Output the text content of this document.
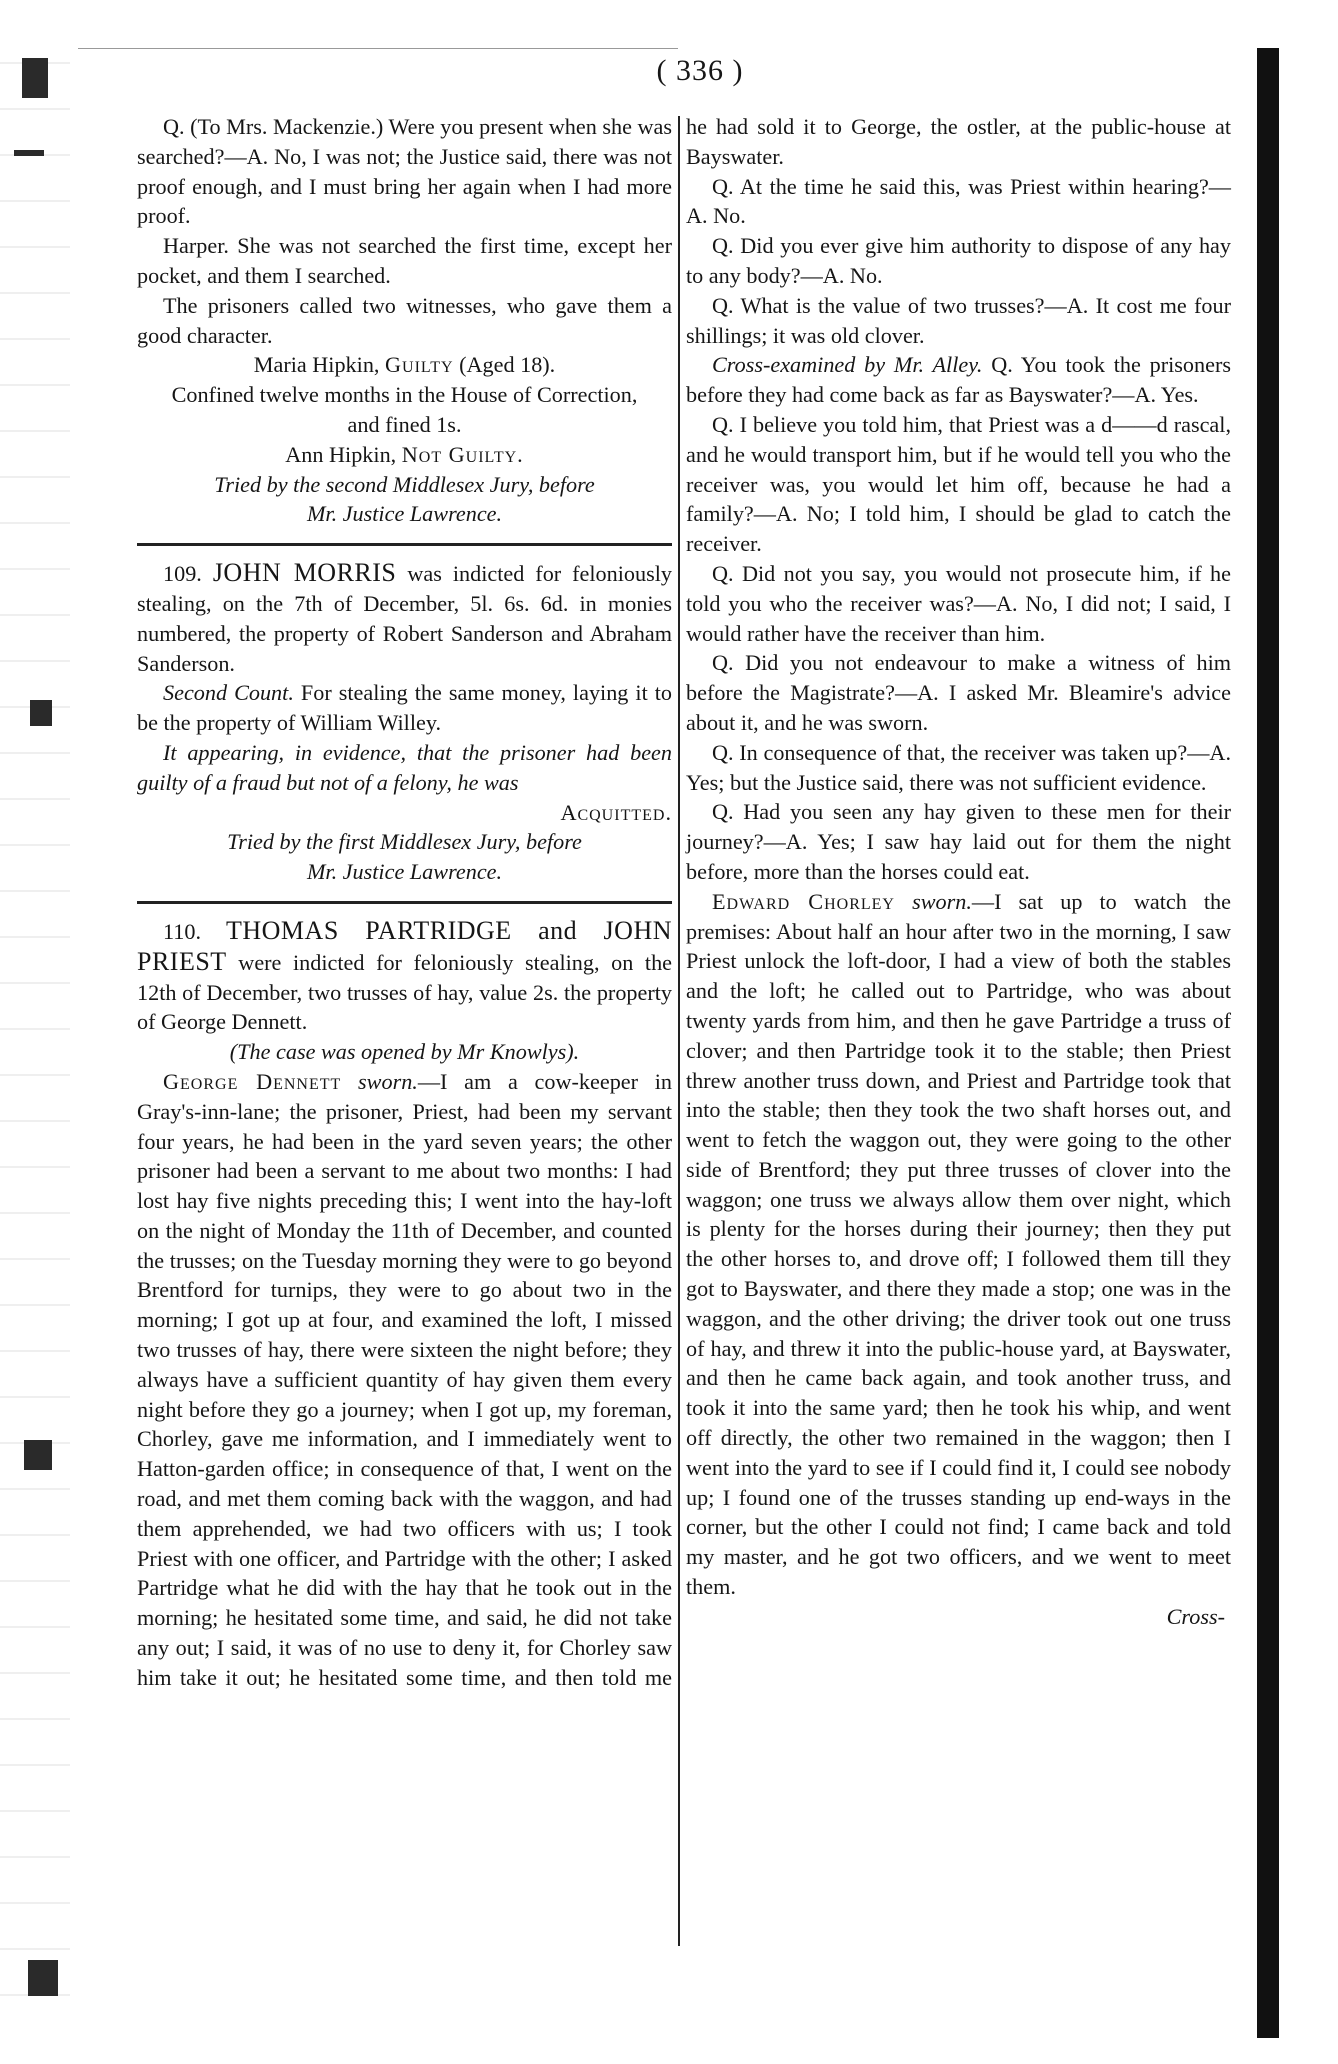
( 336 )

Q. (To Mrs. Mackenzie.) Were you present when she was searched?—A. No, I was not; the Justice said, there was not proof enough, and I must bring her again when I had more proof.

Harper. She was not searched the first time, except her pocket, and them I searched.

The prisoners called two witnesses, who gave them a good character.

Maria Hipkin, Guilty (Aged 18).

Confined twelve months in the House of Correction, and fined 1s.

Ann Hipkin, Not Guilty.

Tried by the second Middlesex Jury, before

Mr. Justice Lawrence.

109. JOHN MORRIS was indicted for feloniously stealing, on the 7th of December, 5l. 6s. 6d. in monies numbered, the property of Robert Sanderson and Abraham Sanderson.

Second Count. For stealing the same money, laying it to be the property of William Willey.

It appearing, in evidence, that the prisoner had been guilty of a fraud but not of a felony, he was

Acquitted.

Tried by the first Middlesex Jury, before

Mr. Justice Lawrence.

110. THOMAS PARTRIDGE and JOHN PRIEST were indicted for feloniously stealing, on the 12th of December, two trusses of hay, value 2s. the property of George Dennett.

(The case was opened by Mr Knowlys).

George Dennett sworn.—I am a cow-keeper in Gray's-inn-lane; the prisoner, Priest, had been my servant four years, he had been in the yard seven years; the other prisoner had been a servant to me about two months: I had lost hay five nights preceding this; I went into the hay-loft on the night of Monday the 11th of December, and counted the trusses; on the Tuesday morning they were to go beyond Brentford for turnips, they were to go about two in the morning; I got up at four, and examined the loft, I missed two trusses of hay, there were sixteen the night before; they always have a sufficient quantity of hay given them every night before they go a journey; when I got up, my foreman, Chorley, gave me information, and I immediately went to Hatton-garden office; in consequence of that, I went on the road, and met them coming back with the waggon, and had them apprehended, we had two officers with us; I took Priest with one officer, and Partridge with the other; I asked Partridge what he did with the hay that he took out in the morning; he hesitated some time, and said, he did not take any out; I said, it was of no use to deny it, for Chorley saw him take it out; he hesitated some time, and then told me

he had sold it to George, the ostler, at the public-house at Bayswater.

Q. At the time he said this, was Priest within hearing?—A. No.

Q. Did you ever give him authority to dispose of any hay to any body?—A. No.

Q. What is the value of two trusses?—A. It cost me four shillings; it was old clover.

Cross-examined by Mr. Alley. Q. You took the prisoners before they had come back as far as Bayswater?—A. Yes.

Q. I believe you told him, that Priest was a d——d rascal, and he would transport him, but if he would tell you who the receiver was, you would let him off, because he had a family?—A. No; I told him, I should be glad to catch the receiver.

Q. Did not you say, you would not prosecute him, if he told you who the receiver was?—A. No, I did not; I said, I would rather have the receiver than him.

Q. Did you not endeavour to make a witness of him before the Magistrate?—A. I asked Mr. Bleamire's advice about it, and he was sworn.

Q. In consequence of that, the receiver was taken up?—A. Yes; but the Justice said, there was not sufficient evidence.

Q. Had you seen any hay given to these men for their journey?—A. Yes; I saw hay laid out for them the night before, more than the horses could eat.

Edward Chorley sworn.—I sat up to watch the premises: About half an hour after two in the morning, I saw Priest unlock the loft-door, I had a view of both the stables and the loft; he called out to Partridge, who was about twenty yards from him, and then he gave Partridge a truss of clover; and then Partridge took it to the stable; then Priest threw another truss down, and Priest and Partridge took that into the stable; then they took the two shaft horses out, and went to fetch the waggon out, they were going to the other side of Brentford; they put three trusses of clover into the waggon; one truss we always allow them over night, which is plenty for the horses during their journey; then they put the other horses to, and drove off; I followed them till they got to Bayswater, and there they made a stop; one was in the waggon, and the other driving; the driver took out one truss of hay, and threw it into the public-house yard, at Bayswater, and then he came back again, and took another truss, and took it into the same yard; then he took his whip, and went off directly, the other two remained in the waggon; then I went into the yard to see if I could find it, I could see nobody up; I found one of the trusses standing up end-ways in the corner, but the other I could not find; I came back and told my master, and he got two officers, and we went to meet them.

Cross-
